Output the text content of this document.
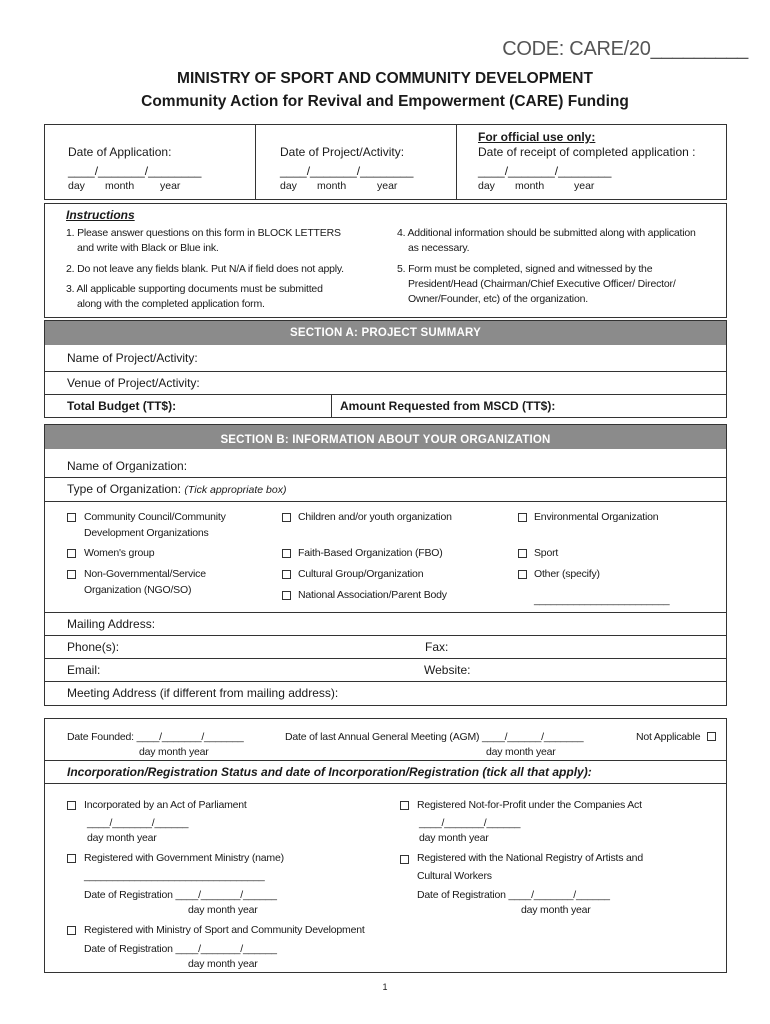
CODE: CARE/20_________
MINISTRY OF SPORT AND COMMUNITY DEVELOPMENT
Community Action for Revival and Empowerment (CARE) Funding
Date of Application:
____/_______/________
day month year
Date of Project/Activity:
____/_______/________
day month	year
For official use only:
Date of receipt of completed application :
____/_______/________
day month	year
Instructions
1. Please answer questions on this form in BLOCK LETTERS
and write with Black or Blue ink.
2. Do not leave any fields blank. Put N/A if field does not apply.
3. All applicable supporting documents must be submitted
along with the completed application form.
4. Additional information should be submitted along with application
as necessary.
5. Form must be completed, signed and witnessed by the
President/Head (Chairman/Chief Executive Officer/ Director/
Owner/Founder, etc) of the organization.
SECTION A: PROJECT SUMMARY
Name of Project/Activity:
Venue of Project/Activity:
Total Budget (TT$):	Amount Requested from MSCD (TT$):
SECTION B: INFORMATION ABOUT YOUR ORGANIZATION
Name of Organization:
Type of Organization: (Tick appropriate box)
Community Council/Community
Development Organizations
Women's group
Non-Governmental/Service
Organization (NGO/SO)
Children and/or youth organization
Faith-Based Organization (FBO)
Cultural Group/Organization
National Association/Parent Body
Environmental Organization
Sport
Other (specify)
________________________
Mailing Address:
Phone(s):	Fax:
Email:	Website:
Meeting Address (if different from mailing address):
Date Founded: ____/_______/_______
day month year
Date of last Annual General Meeting (AGM) ____/______/_______
day month year
Not Applicable
Incorporation/Registration Status and date of Incorporation/Registration (tick all that apply):
Incorporated by an Act of Parliament
____/_______/______
day month year
Registered Not-for-Profit under the Companies Act
____/_______/______
day month year
Registered with Government Ministry (name)
________________________________
Date of Registration ____/_______/______
day month year
Registered with the National Registry of Artists and
Cultural Workers
Date of Registration ____/_______/______
day month year
Registered with Ministry of Sport and Community Development
Date of Registration ____/_______/______
day month year
1
